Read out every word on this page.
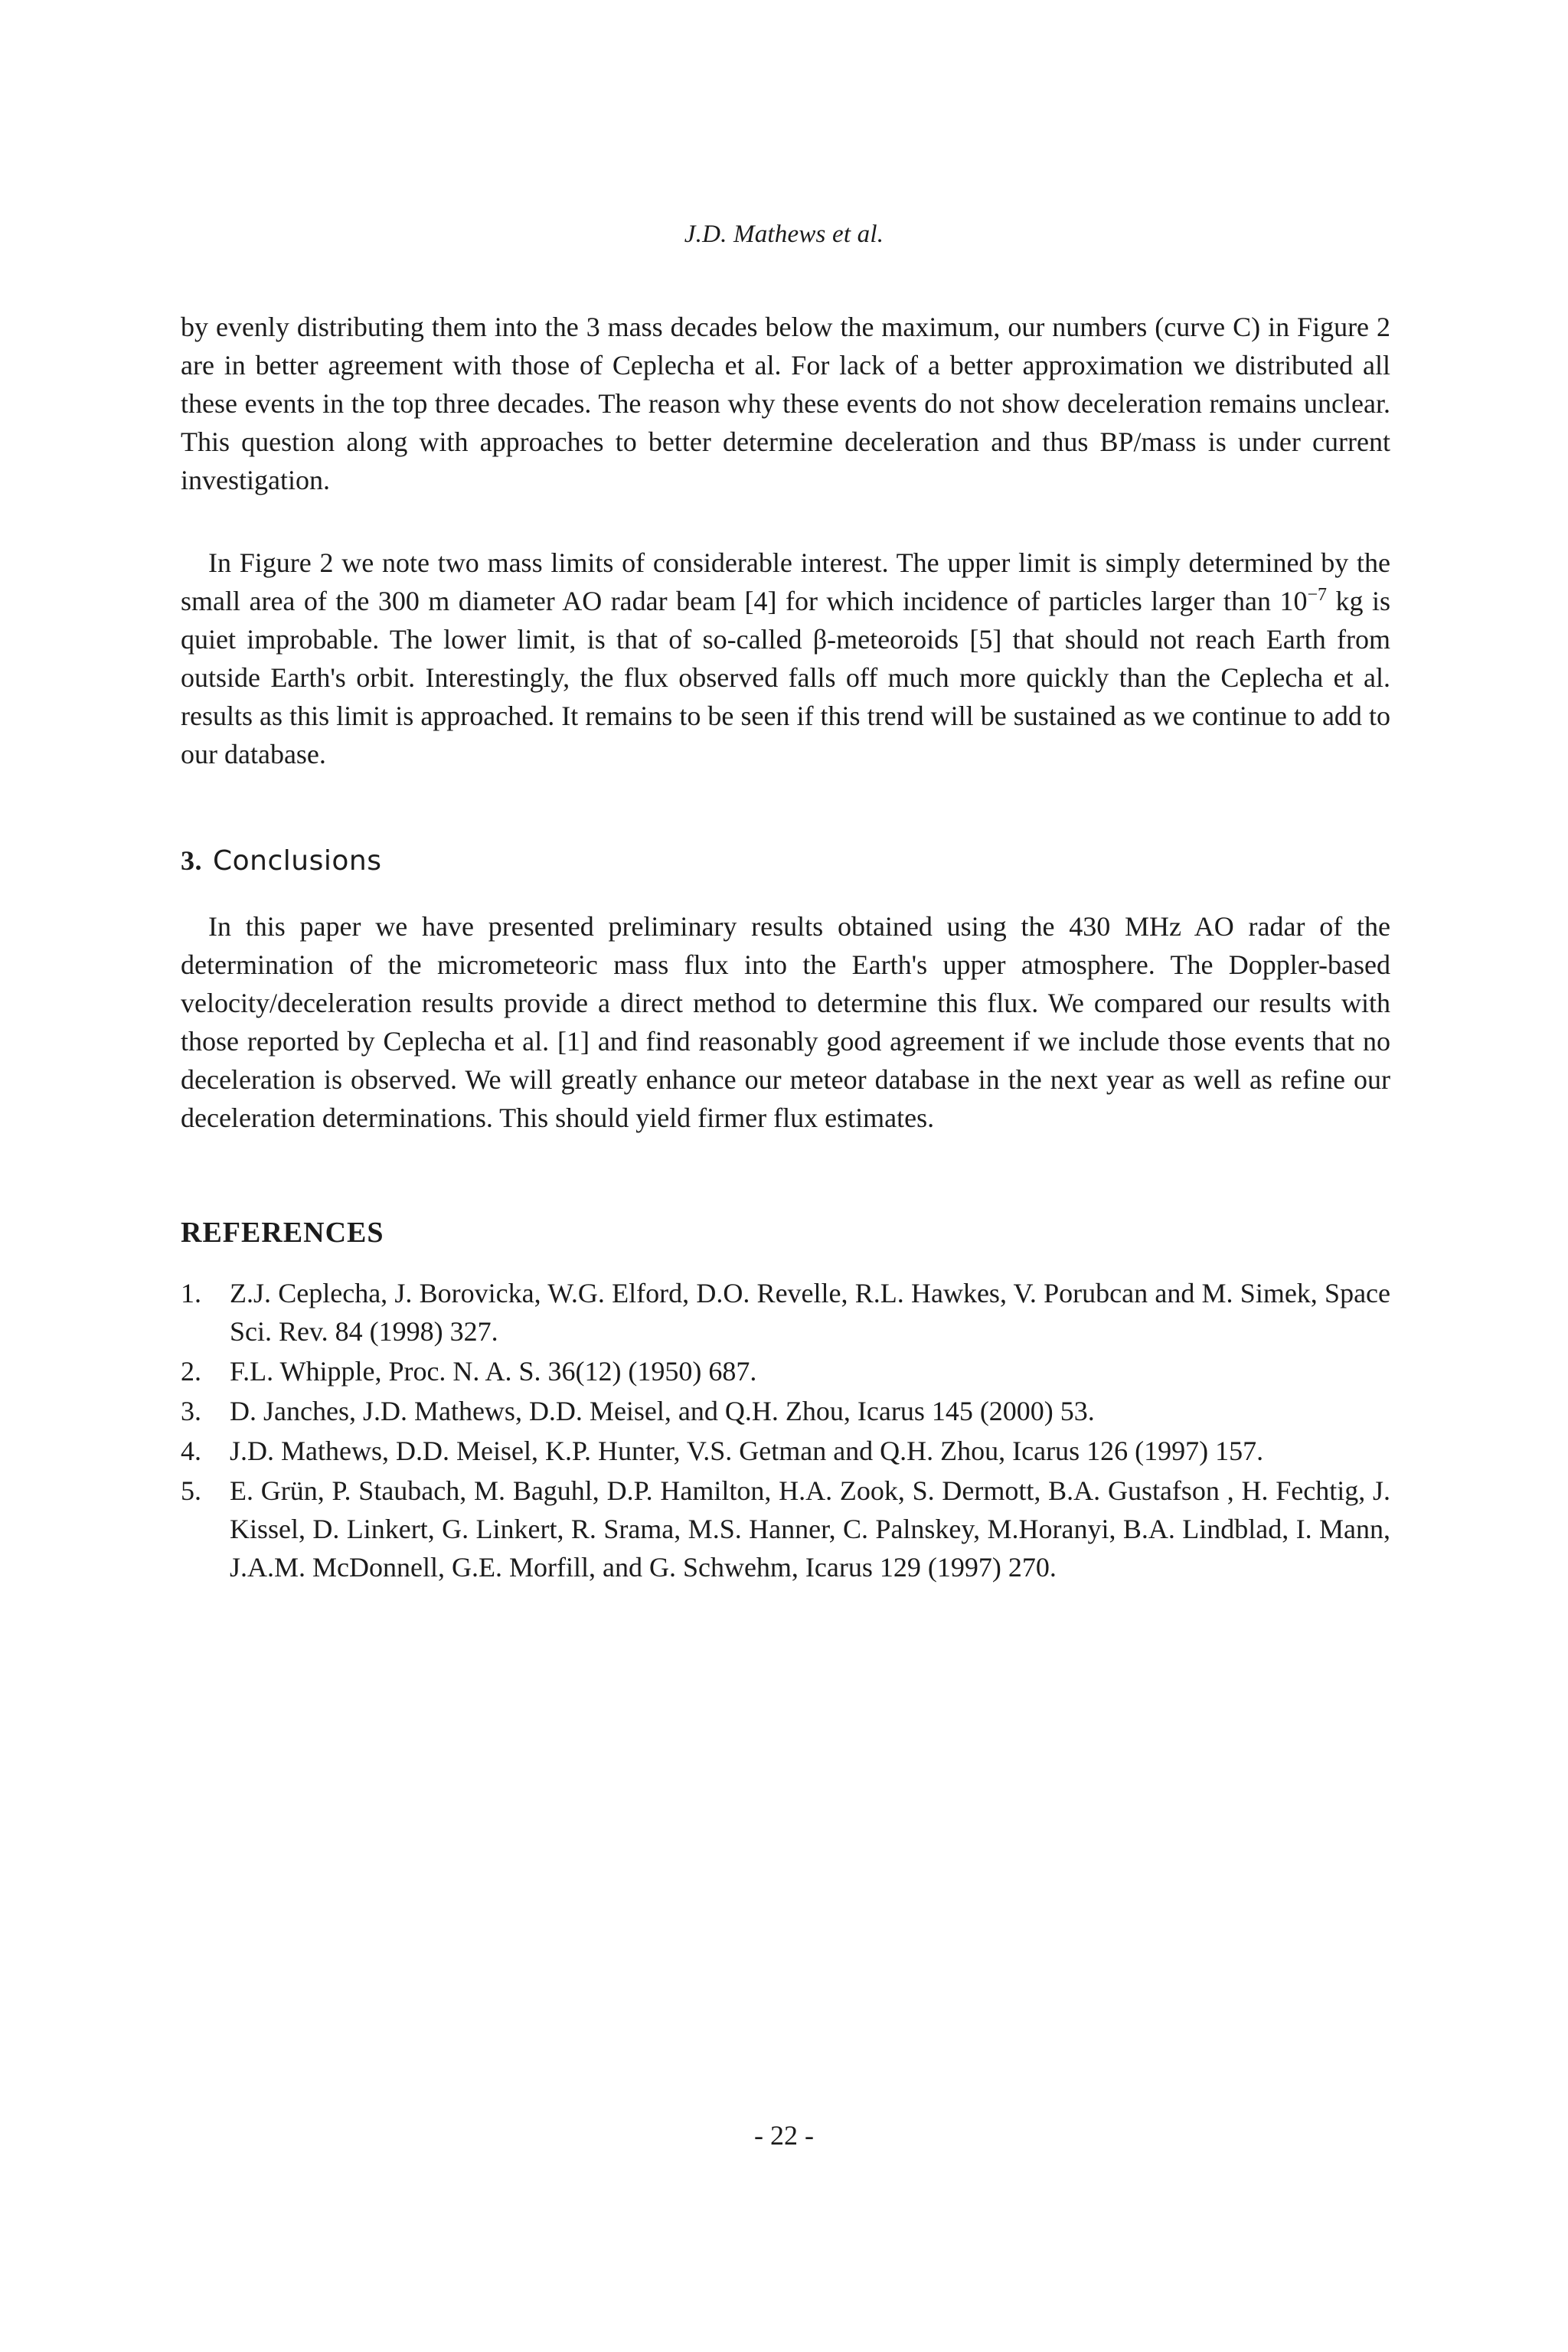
J.D. Mathews et al.

by evenly distributing them into the 3 mass decades below the maximum, our numbers (curve C) in Figure 2 are in better agreement with those of Ceplecha et al. For lack of a better approximation we distributed all these events in the top three decades. The reason why these events do not show deceleration remains unclear. This question along with approaches to better determine deceleration and thus BP/mass is under current investigation.

In Figure 2 we note two mass limits of considerable interest. The upper limit is simply determined by the small area of the 300 m diameter AO radar beam [4] for which incidence of particles larger than $10^{-7}$ kg is quiet improbable. The lower limit, is that of so-called β-meteoroids [5] that should not reach Earth from outside Earth's orbit. Interestingly, the flux observed falls off much more quickly than the Ceplecha et al. results as this limit is approached. It remains to be seen if this trend will be sustained as we continue to add to our database.

3. Conclusions

In this paper we have presented preliminary results obtained using the 430 MHz AO radar of the determination of the micrometeoric mass flux into the Earth's upper atmosphere. The Doppler-based velocity/deceleration results provide a direct method to determine this flux. We compared our results with those reported by Ceplecha et al. [1] and find reasonably good agreement if we include those events that no deceleration is observed. We will greatly enhance our meteor database in the next year as well as refine our deceleration determinations. This should yield firmer flux estimates.

REFERENCES
1. Z.J. Ceplecha, J. Borovicka, W.G. Elford, D.O. Revelle, R.L. Hawkes, V. Porubcan and M. Simek, Space Sci. Rev. 84 (1998) 327.
2. F.L. Whipple, Proc. N. A. S. 36(12) (1950) 687.
3. D. Janches, J.D. Mathews, D.D. Meisel, and Q.H. Zhou, Icarus 145 (2000) 53.
4. J.D. Mathews, D.D. Meisel, K.P. Hunter, V.S. Getman and Q.H. Zhou, Icarus 126 (1997) 157.
5. E. Grün, P. Staubach, M. Baguhl, D.P. Hamilton, H.A. Zook, S. Dermott, B.A. Gustafson , H. Fechtig, J. Kissel, D. Linkert, G. Linkert, R. Srama, M.S. Hanner, C. Palnskey, M.Horanyi, B.A. Lindblad, I. Mann, J.A.M. McDonnell, G.E. Morfill, and G. Schwehm, Icarus 129 (1997) 270.
- 22 -
